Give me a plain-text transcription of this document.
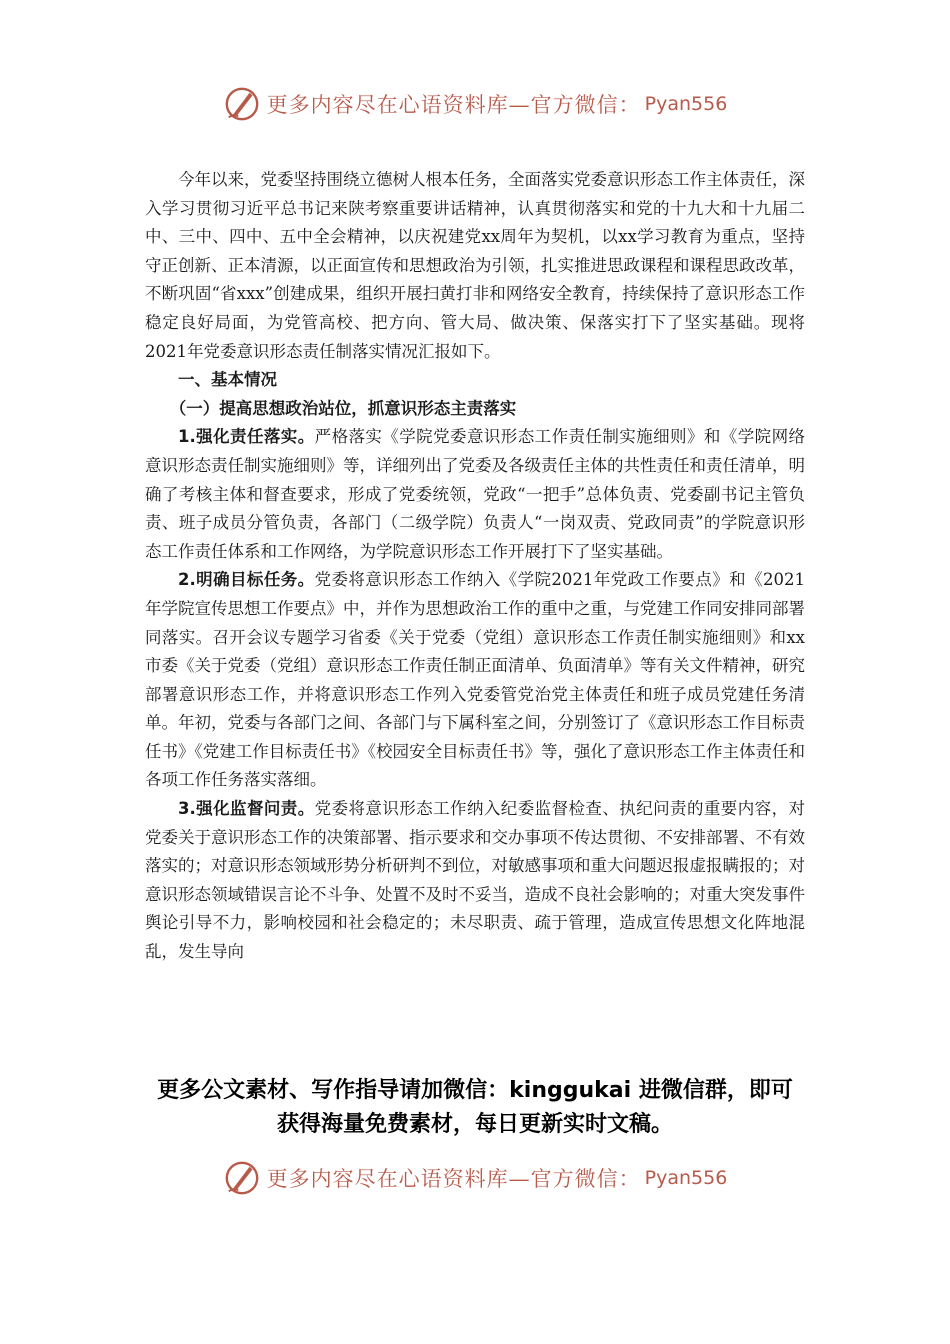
更多内容尽在心语资料库—官方微信： Pyan556

今年以来，党委坚持围绕立德树人根本任务，全面落实党委意识形态工作主体责任，深入学习贯彻习近平总书记来陕考察重要讲话精神，认真贯彻落实和党的十九大和十九届二中、三中、四中、五中全会精神，以庆祝建党xx周年为契机，以xx学习教育为重点，坚持守正创新、正本清源，以正面宣传和思想政治为引领，扎实推进思政课程和课程思政改革，不断巩固“省xxx”创建成果，组织开展扫黄打非和网络安全教育，持续保持了意识形态工作稳定良好局面，为党管高校、把方向、管大局、做决策、保落实打下了坚实基础。现将2021年党委意识形态责任制落实情况汇报如下。

一、基本情况

（一）提高思想政治站位，抓意识形态主责落实

1.强化责任落实。严格落实《学院党委意识形态工作责任制实施细则》和《学院网络意识形态责任制实施细则》等，详细列出了党委及各级责任主体的共性责任和责任清单，明确了考核主体和督查要求，形成了党委统领，党政“一把手”总体负责、党委副书记主管负责、班子成员分管负责，各部门（二级学院）负责人“一岗双责、党政同责”的学院意识形态工作责任体系和工作网络，为学院意识形态工作开展打下了坚实基础。

2.明确目标任务。党委将意识形态工作纳入《学院2021年党政工作要点》和《2021年学院宣传思想工作要点》中，并作为思想政治工作的重中之重，与党建工作同安排同部署同落实。召开会议专题学习省委《关于党委（党组）意识形态工作责任制实施细则》和xx市委《关于党委（党组）意识形态工作责任制正面清单、负面清单》等有关文件精神，研究部署意识形态工作，并将意识形态工作列入党委管党治党主体责任和班子成员党建任务清单。年初，党委与各部门之间、各部门与下属科室之间，分别签订了《意识形态工作目标责任书》《党建工作目标责任书》《校园安全目标责任书》等，强化了意识形态工作主体责任和各项工作任务落实落细。

3.强化监督问责。党委将意识形态工作纳入纪委监督检查、执纪问责的重要内容，对党委关于意识形态工作的决策部署、指示要求和交办事项不传达贯彻、不安排部署、不有效落实的；对意识形态领域形势分析研判不到位，对敏感事项和重大问题迟报虚报瞒报的；对意识形态领域错误言论不斗争、处置不及时不妥当，造成不良社会影响的；对重大突发事件舆论引导不力，影响校园和社会稳定的；未尽职责、疏于管理，造成宣传思想文化阵地混乱，发生导向

更多公文素材、写作指导请加微信：kinggukai 进微信群，即可
获得海量免费素材，每日更新实时文稿。
更多内容尽在心语资料库—官方微信： Pyan556
